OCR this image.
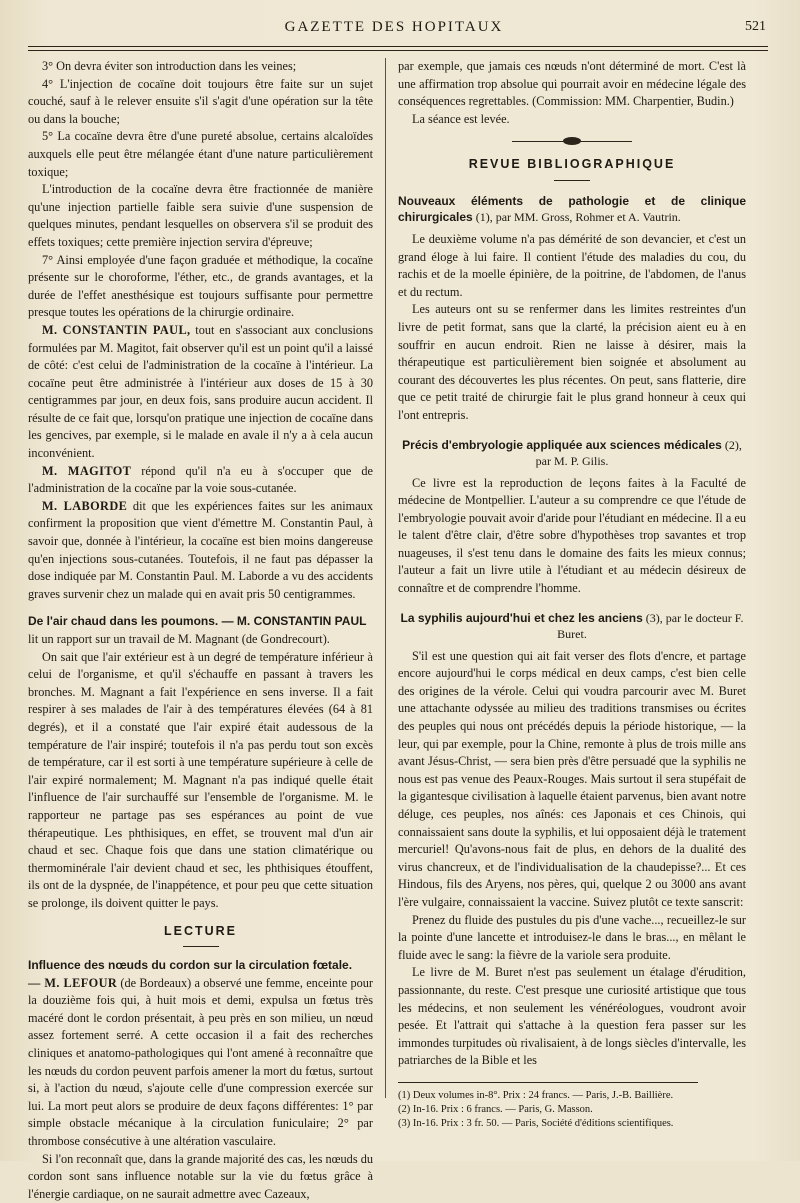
GAZETTE DES HOPITAUX	521

3° On devra éviter son introduction dans les veines;

4° L'injection de cocaïne doit toujours être faite sur un sujet couché, sauf à le relever ensuite s'il s'agit d'une opération sur la tête ou dans la bouche;

5° La cocaïne devra être d'une pureté absolue, certains alcaloïdes auxquels elle peut être mélangée étant d'une nature particulièrement toxique;

L'introduction de la cocaïne devra être fractionnée de manière qu'une injection partielle faible sera suivie d'une suspension de quelques minutes, pendant lesquelles on observera s'il se produit des effets toxiques; cette première injection servira d'épreuve;

7° Ainsi employée d'une façon graduée et méthodique, la cocaïne présente sur le choroforme, l'éther, etc., de grands avantages, et la durée de l'effet anesthésique est toujours suffisante pour permettre presque toutes les opérations de la chirurgie ordinaire.

M. CONSTANTIN PAUL, tout en s'associant aux conclusions formulées par M. Magitot, fait observer qu'il est un point qu'il a laissé de côté: c'est celui de l'administration de la cocaïne à l'intérieur. La cocaïne peut être administrée à l'intérieur aux doses de 15 à 30 centigrammes par jour, en deux fois, sans produire aucun accident. Il résulte de ce fait que, lorsqu'on pratique une injection de cocaïne dans les gencives, par exemple, si le malade en avale il n'y a à cela aucun inconvénient.

M. MAGITOT répond qu'il n'a eu à s'occuper que de l'administration de la cocaïne par la voie sous-cutanée.

M. LABORDE dit que les expériences faites sur les animaux confirment la proposition que vient d'émettre M. Constantin Paul, à savoir que, donnée à l'intérieur, la cocaïne est bien moins dangereuse qu'en injections sous-cutanées. Toutefois, il ne faut pas dépasser la dose indiquée par M. Constantin Paul. M. Laborde a vu des accidents graves survenir chez un malade qui en avait pris 50 centigrammes.

De l'air chaud dans les poumons. — M. CONSTANTIN PAUL

lit un rapport sur un travail de M. Magnant (de Gondrecourt).

On sait que l'air extérieur est à un degré de température inférieur à celui de l'organisme, et qu'il s'échauffe en passant à travers les bronches. M. Magnant a fait l'expérience en sens inverse. Il a fait respirer à ses malades de l'air à des températures élevées (64 à 81 degrés), et il a constaté que l'air expiré était audessous de la température de l'air inspiré; toutefois il n'a pas perdu tout son excès de température, car il est sorti à une température supérieure à celle de l'air expiré normalement; M. Magnant n'a pas indiqué quelle était l'influence de l'air surchauffé sur l'ensemble de l'organisme. M. le rapporteur ne partage pas ses espérances au point de vue thérapeutique. Les phthisiques, en effet, se trouvent mal d'un air chaud et sec. Chaque fois que dans une station climatérique ou thermominérale l'air devient chaud et sec, les phthisiques étouffent, ils ont de la dyspnée, de l'inappétence, et pour peu que cette situation se prolonge, ils doivent quitter le pays.

LECTURE

Influence des nœuds du cordon sur la circulation fœtale.

— M. LEFOUR (de Bordeaux) a observé une femme, enceinte pour la douzième fois qui, à huit mois et demi, expulsa un fœtus très macéré dont le cordon présentait, à peu près en son milieu, un nœud assez fortement serré. A cette occasion il a fait des recherches cliniques et anatomo-pathologiques qui l'ont amené à reconnaître que les nœuds du cordon peuvent parfois amener la mort du fœtus, surtout si, à l'action du nœud, s'ajoute celle d'une compression exercée sur lui. La mort peut alors se produire de deux façons différentes: 1° par simple obstacle mécanique à la circulation funiculaire; 2° par thrombose consécutive à une altération vasculaire.

Si l'on reconnaît que, dans la grande majorité des cas, les nœuds du cordon sont sans influence notable sur la vie du fœtus grâce à l'énergie cardiaque, on ne saurait admettre avec Cazeaux,

par exemple, que jamais ces nœuds n'ont déterminé de mort. C'est là une affirmation trop absolue qui pourrait avoir en médecine légale des conséquences regrettables. (Commission: MM. Charpentier, Budin.)

La séance est levée.

REVUE BIBLIOGRAPHIQUE

Nouveaux éléments de pathologie et de clinique chirurgicales (1), par MM. Gross, Rohmer et A. Vautrin.

Le deuxième volume n'a pas démérité de son devancier, et c'est un grand éloge à lui faire. Il contient l'étude des maladies du cou, du rachis et de la moelle épinière, de la poitrine, de l'abdomen, de l'anus et du rectum.

Les auteurs ont su se renfermer dans les limites restreintes d'un livre de petit format, sans que la clarté, la précision aient eu à en souffrir en aucun endroit. Rien ne laisse à désirer, mais la thérapeutique est particulièrement bien soignée et absolument au courant des découvertes les plus récentes. On peut, sans flatterie, dire que ce petit traité de chirurgie fait le plus grand honneur à ceux qui l'ont entrepris.

Précis d'embryologie appliquée aux sciences médicales (2), par M. P. Gilis.

Ce livre est la reproduction de leçons faites à la Faculté de médecine de Montpellier. L'auteur a su comprendre ce que l'étude de l'embryologie pouvait avoir d'aride pour l'étudiant en médecine. Il a eu le talent d'être clair, d'être sobre d'hypothèses trop savantes et trop nuageuses, il s'est tenu dans le domaine des faits les mieux connus; l'auteur a fait un livre utile à l'étudiant et au médecin désireux de connaître et de comprendre l'homme.

La syphilis aujourd'hui et chez les anciens (3), par le docteur F. Buret.

S'il est une question qui ait fait verser des flots d'encre, et partage encore aujourd'hui le corps médical en deux camps, c'est bien celle des origines de la vérole. Celui qui voudra parcourir avec M. Buret une attachante odyssée au milieu des traditions transmises ou écrites des peuples qui nous ont précédés depuis la période historique, — la leur, qui par exemple, pour la Chine, remonte à plus de trois mille ans avant Jésus-Christ, — sera bien près d'être persuadé que la syphilis ne nous est pas venue des Peaux-Rouges. Mais surtout il sera stupéfait de la gigantesque civilisation à laquelle étaient parvenus, bien avant notre déluge, ces peuples, nos aînés: ces Japonais et ces Chinois, qui connaissaient sans doute la syphilis, et lui opposaient déjà le tratement mercuriel! Qu'avons-nous fait de plus, en dehors de la dualité des virus chancreux, et de l'individualisation de la chaudepisse?... Et ces Hindous, fils des Aryens, nos pères, qui, quelque 2 ou 3000 ans avant l'ère vulgaire, connaissaient la vaccine. Suivez plutôt ce texte sanscrit:

Prenez du fluide des pustules du pis d'une vache..., recueillez-le sur la pointe d'une lancette et introduisez-le dans le bras..., en mêlant le fluide avec le sang: la fièvre de la variole sera produite.

Le livre de M. Buret n'est pas seulement un étalage d'érudition, passionnante, du reste. C'est presque une curiosité artistique que tous les médecins, et non seulement les vénéréologues, voudront avoir pesée. Et l'attrait qui s'attache à la question fera passer sur les immondes turpitudes où rivalisaient, à de longs siècles d'intervalle, les patriarches de la Bible et les

(1) Deux volumes in-8°. Prix : 24 francs. — Paris, J.-B. Baillière.

(2) In-16. Prix : 6 francs. — Paris, G. Masson.

(3) In-16. Prix : 3 fr. 50. — Paris, Société d'éditions scientifiques.
